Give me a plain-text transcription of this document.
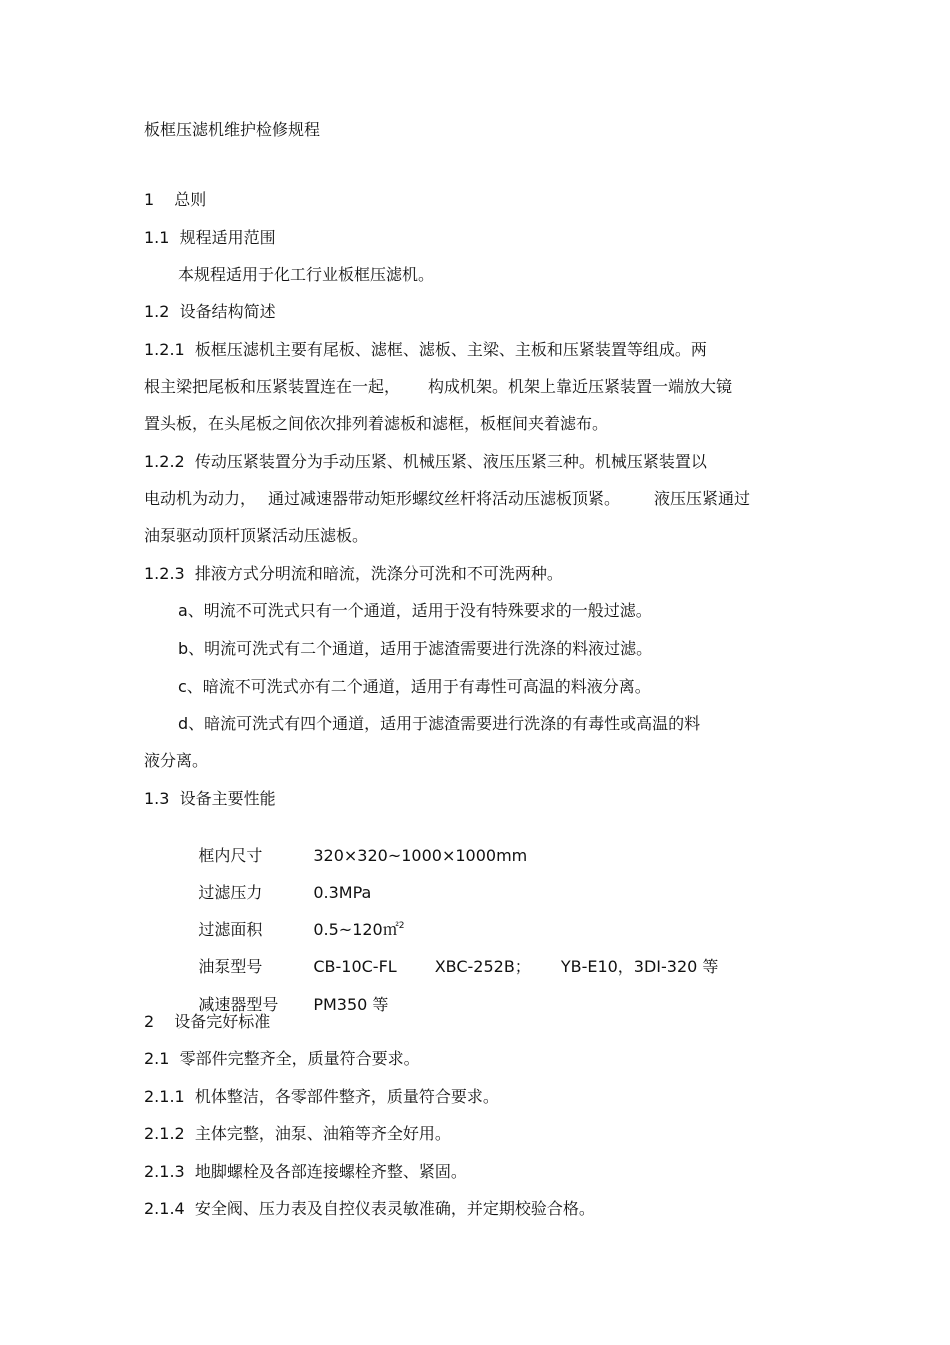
板框压滤机维护检修规程

1 总则

1.1  规程适用范围

本规程适用于化工行业板框压滤机。

1.2  设备结构简述

1.2.1  板框压滤机主要有尾板、滤框、滤板、主梁、主板和压紧装置等组成。两

根主梁把尾板和压紧装置连在一起， 构成机架。机架上靠近压紧装置一端放大镜

置头板，在头尾板之间依次排列着滤板和滤框，板框间夹着滤布。

1.2.2  传动压紧装置分为手动压紧、机械压紧、液压压紧三种。机械压紧装置以

电动机为动力， 通过减速器带动矩形螺纹丝杆将活动压滤板顶紧。 液压压紧通过

油泵驱动顶杆顶紧活动压滤板。

1.2.3  排液方式分明流和暗流，洗涤分可洗和不可洗两种。

a、明流不可洗式只有一个通道，适用于没有特殊要求的一般过滤。

b、明流可洗式有二个通道，适用于滤渣需要进行洗涤的料液过滤。

c、暗流不可洗式亦有二个通道，适用于有毒性可高温的料液分离。

d、暗流可洗式有四个通道，适用于滤渣需要进行洗涤的有毒性或高温的料

液分离。

1.3  设备主要性能

框内尺寸	320×320~1000×1000mm

过滤压力	0.3MPa

过滤面积	0.5~120㎡$^2$

油泵型号	CB-10C-FL XBC-252B； YB-E10，3DI-320 等

减速器型号 PM350 等

2 设备完好标准

2.1  零部件完整齐全，质量符合要求。

2.1.1  机体整洁，各零部件整齐，质量符合要求。

2.1.2  主体完整，油泵、油箱等齐全好用。

2.1.3  地脚螺栓及各部连接螺栓齐整、紧固。

2.1.4  安全阀、压力表及自控仪表灵敏准确，并定期校验合格。
